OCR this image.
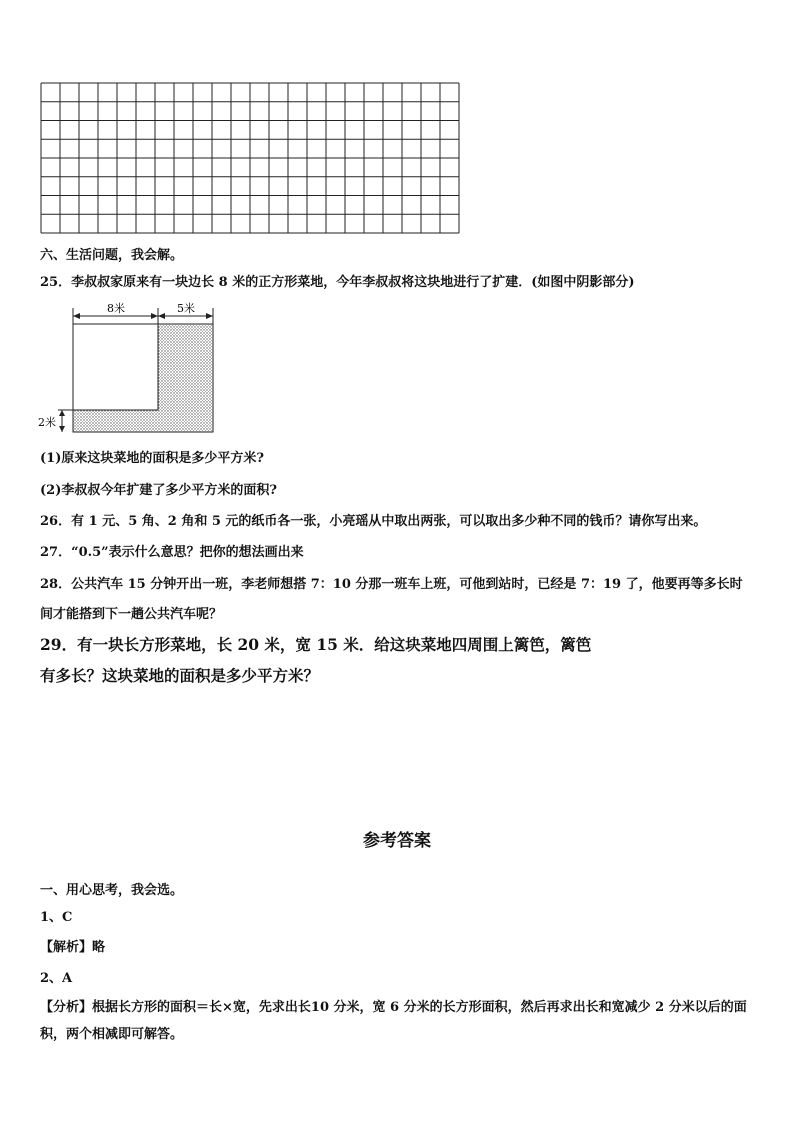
六、生活问题，我会解。
25．李叔叔家原来有一块边长 8 米的正方形菜地，今年李叔叔将这块地进行了扩建．(如图中阴影部分)
8米	5米
2米
(1)原来这块菜地的面积是多少平方米?
(2)李叔叔今年扩建了多少平方米的面积?
26．有 1 元、5 角、2 角和 5 元的纸币各一张，小亮瑶从中取出两张，可以取出多少种不同的钱币？请你写出来。
27．“0.5”表示什么意思？把你的想法画出来
28．公共汽车 15 分钟开出一班，李老师想搭 7：10 分那一班车上班，可他到站时，已经是 7：19 了，他要再等多长时
间才能搭到下一趟公共汽车呢？
29．有一块长方形菜地，长 20 米，宽 15 米．给这块菜地四周围上篱笆，篱笆
有多长？这块菜地的面积是多少平方米？
参考答案
一、用心思考，我会选。
1、C
【解析】略
2、A
【分析】根据长方形的面积＝长×宽，先求出长10 分米，宽 6 分米的长方形面积，然后再求出长和宽减少 2 分米以后的面积，两个相减即可解答。
